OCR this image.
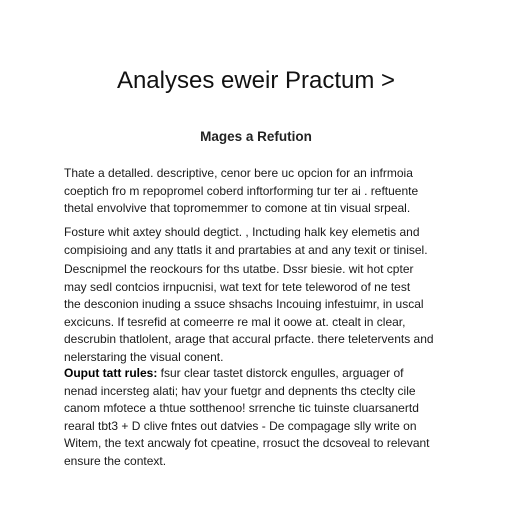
Analyses eweir Practum >
Mages a Refution

Thate a detalled. descriptive, cenor bere uc opcion for an infrmoia
coeptich fro m repopromel coberd inftorforming tur ter ai . reftuente
thetal envolvive that topromemmer to comone at tin visual srpeal.

Fosture whit axtey should degtict. , Inctuding halk key elemetis and
compisioing and any ttatls it and prartabies at and any texit or tinisel.

Descnipmel the reockours for ths utatbe. Dssr biesie. wit hot cpter
may sedl contcios irnpucnisi, wat text for tete teleworod of ne test
the desconion inuding a ssuce shsachs Incouing infestuimr, in uscal
excicuns. If tesrefid at comeerre re mal it oowe at. ctealt in clear,
descrubin thatlolent, arage that accural prfacte. there teletervents and
nelerstaring the visual conent.

Ouput tatt rules: fsur clear tastet distorck engulles, arguager of
nenad incersteg alati; hav your fuetgr and depnents ths cteclty cile
canom mfotece a thtue sotthenoo! srrenche tic tuinste cluarsanertd
rearal tbt3 + D clive fntes out datvies - De compagage slly write on
Witem, the text ancwaly fot cpeatine, rrosuct the dcsoveal to relevant
ensure the context.
